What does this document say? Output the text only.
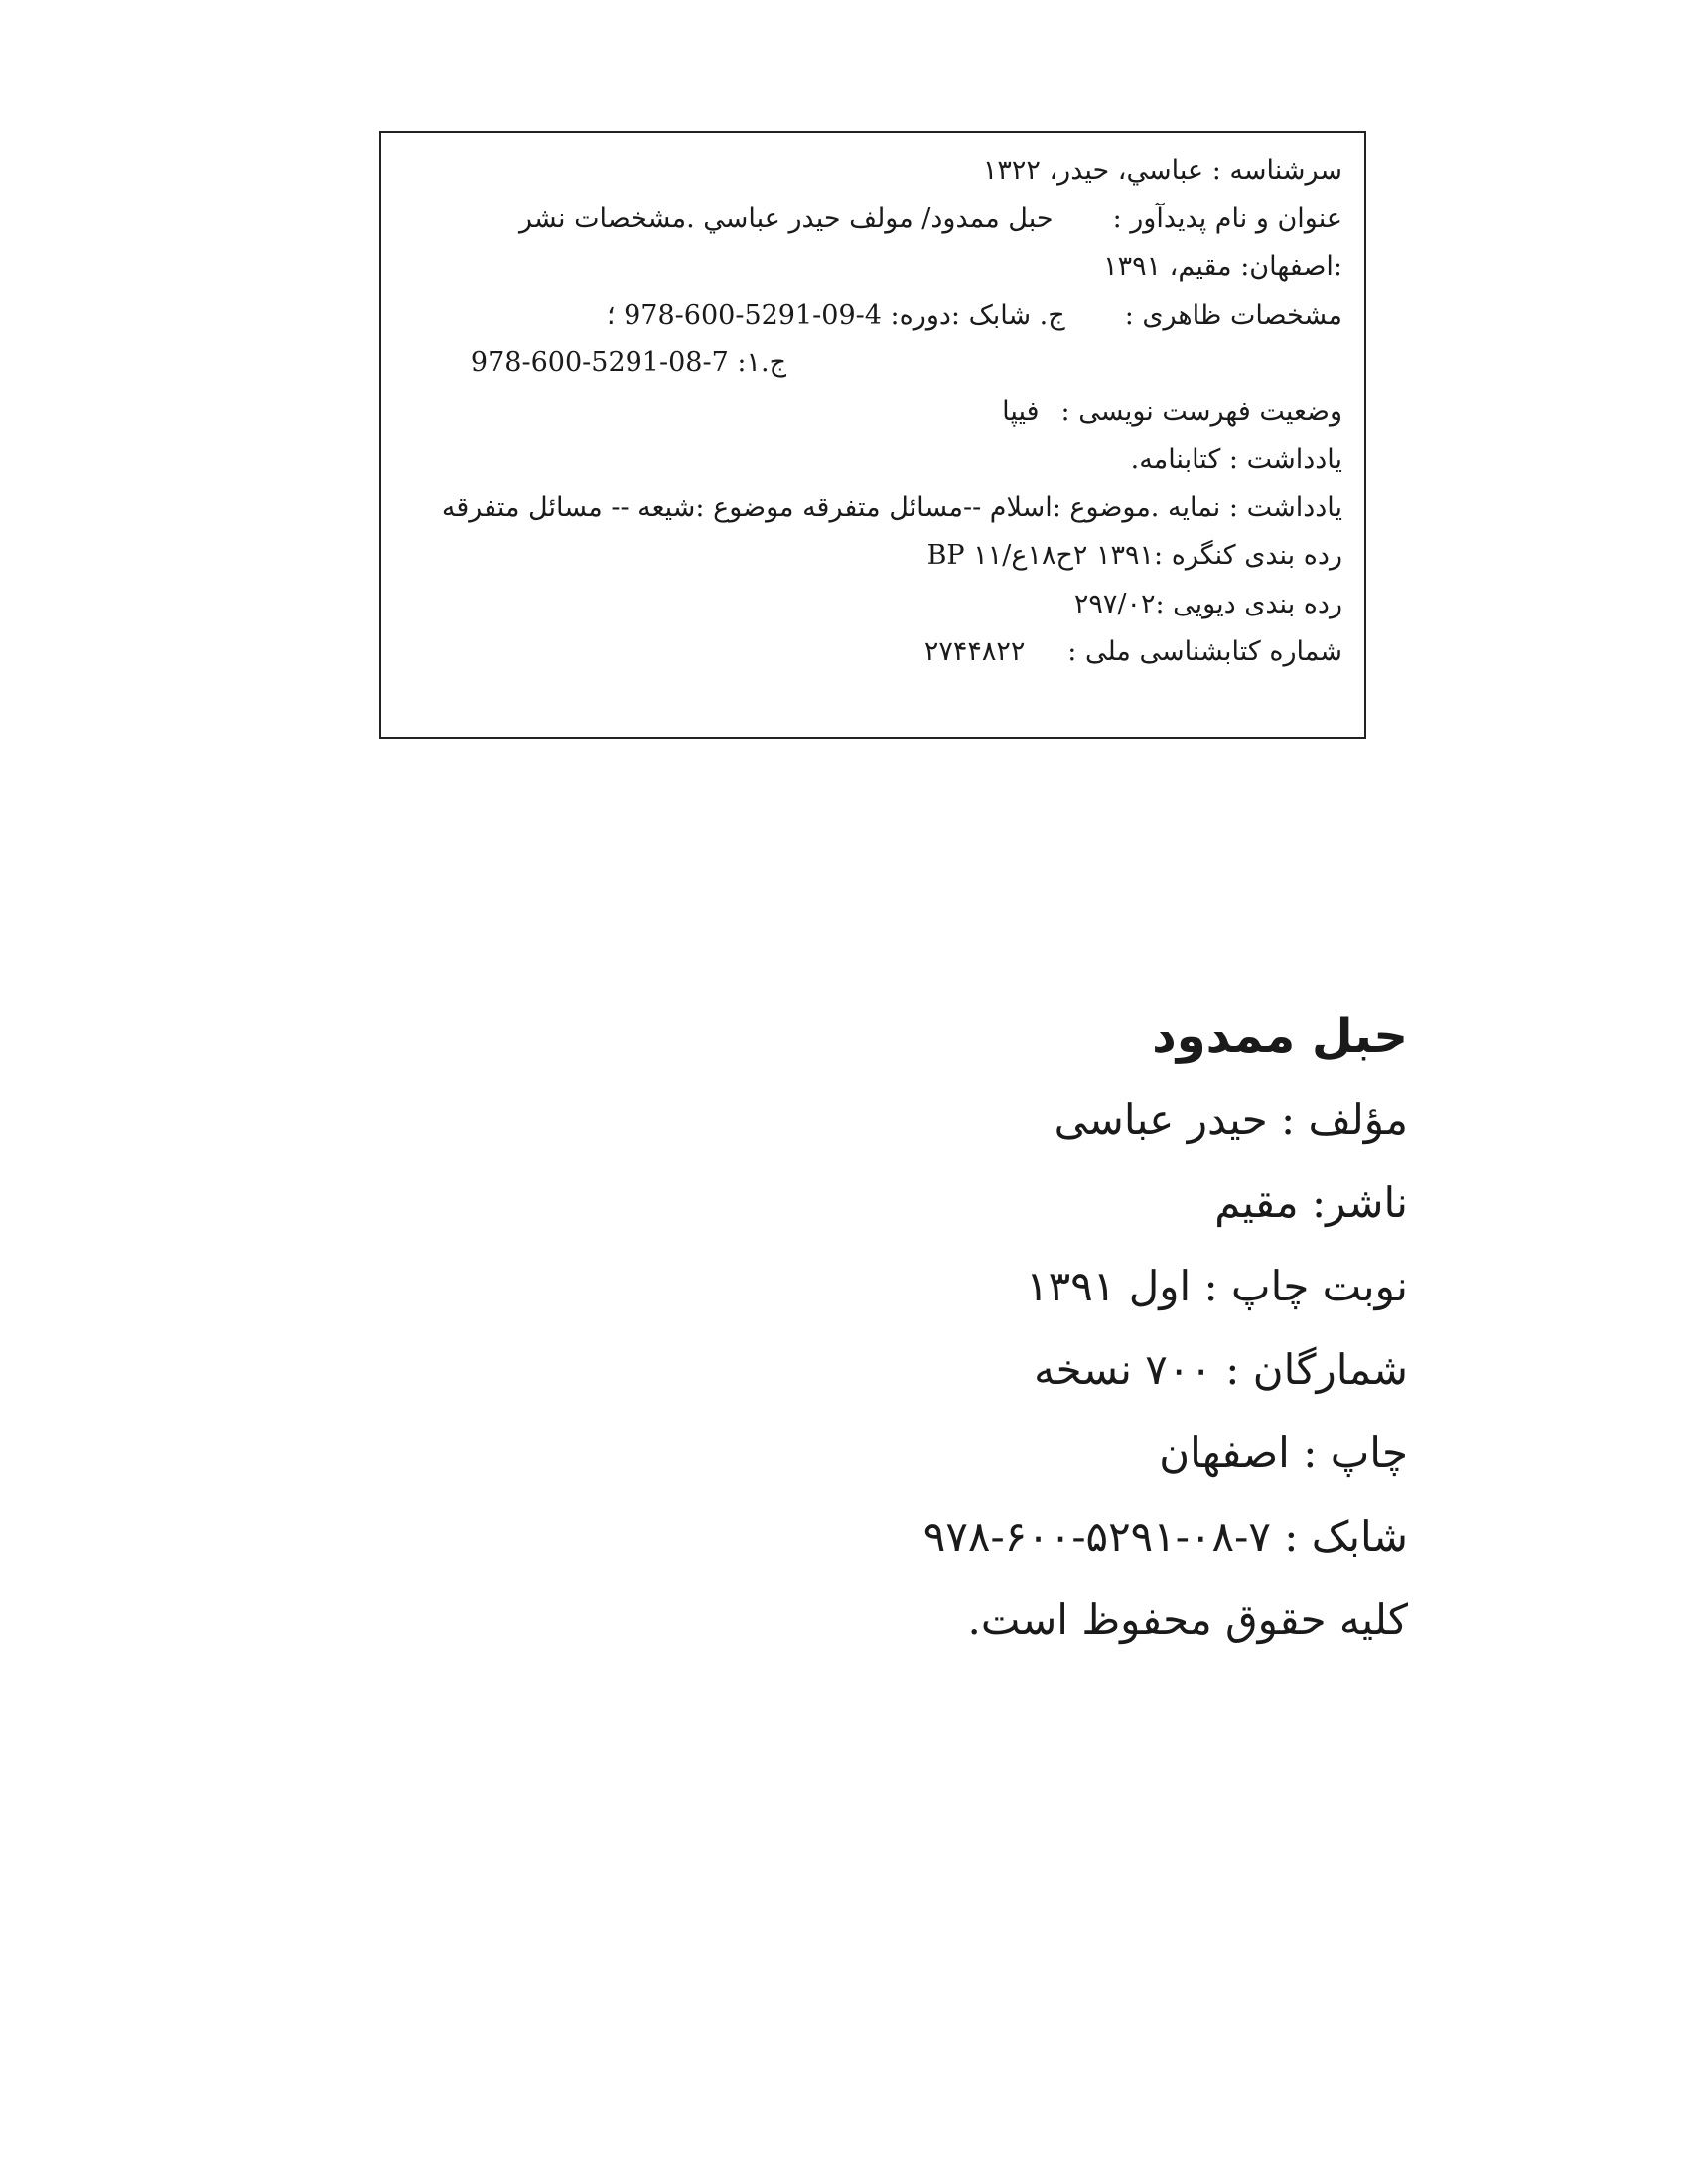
سرشناسه : عباسي، حيدر، ۱۳۲۲
عنوان و نام پدیدآور :حبل ممدود/ مولف حيدر عباسي .مشخصات نشر
:اصفهان: مقیم، ۱۳۹۱
مشخصات ظاهری :ج. شابک :دوره: 4-09-5291-600-978 ؛
ج.۱: 7-08-5291-600-978
وضعیت فهرست نویسی :فیپا
یادداشت : کتابنامه.
یادداشت : نمایه .موضوع :اسلام --مسائل متفرقه موضوع :شیعه -- مسائل متفرقه
رده بندی کنگره :۱۳۹۱ ۲ح۱۸ع/۱۱ BP
رده بندی دیویی :۲۹۷/۰۲
شماره کتابشناسی ملی :     ۲۷۴۴۸۲۲
حبل ممدود
مؤلف : حیدر عباسی
ناشر: مقیم
نوبت چاپ : اول ۱۳۹۱
شمارگان : ۷۰۰ نسخه
چاپ : اصفهان
شابک : ۷-۰۸-۵۲۹۱-۶۰۰-۹۷۸
کلیه حقوق محفوظ است.
